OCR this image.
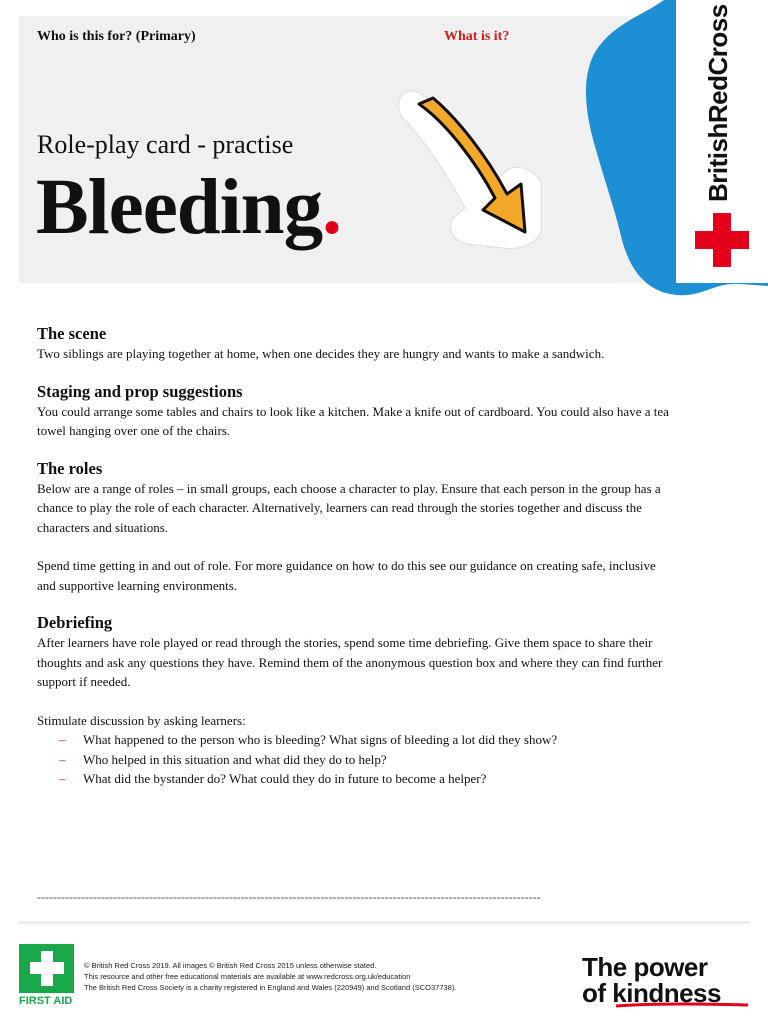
BritishRedCross
Who is this for? (Primary)	What is it?
Role-play card - practise
Bleeding.
The scene
Two siblings are playing together at home, when one decides they are hungry and wants to make a sandwich.
Staging and prop suggestions
You could arrange some tables and chairs to look like a kitchen. Make a knife out of cardboard. You could also have a tea towel hanging over one of the chairs.
The roles
Below are a range of roles – in small groups, each choose a character to play. Ensure that each person in the group has a chance to play the role of each character. Alternatively, learners can read through the stories together and discuss the characters and situations.
Spend time getting in and out of role. For more guidance on how to do this see our guidance on creating safe, inclusive and supportive learning environments.
Debriefing
After learners have role played or read through the stories, spend some time debriefing. Give them space to share their thoughts and ask any questions they have. Remind them of the anonymous question box and where they can find further support if needed.
Stimulate discussion by asking learners:
–	What happened to the person who is bleeding? What signs of bleeding a lot did they show?
–	Who helped in this situation and what did they do to help?
–	What did the bystander do? What could they do in future to become a helper?
------------------------------------------------------------------------------------------------------------------------------
FIRST AID
© British Red Cross 2019. All images © British Red Cross 2015 unless otherwise stated.
This resource and other free educational materials are available at www.redcross.org.uk/education
The British Red Cross Society is a charity registered in England and Wales (220949) and Scotland (SCO37738).
The power
of kindness
